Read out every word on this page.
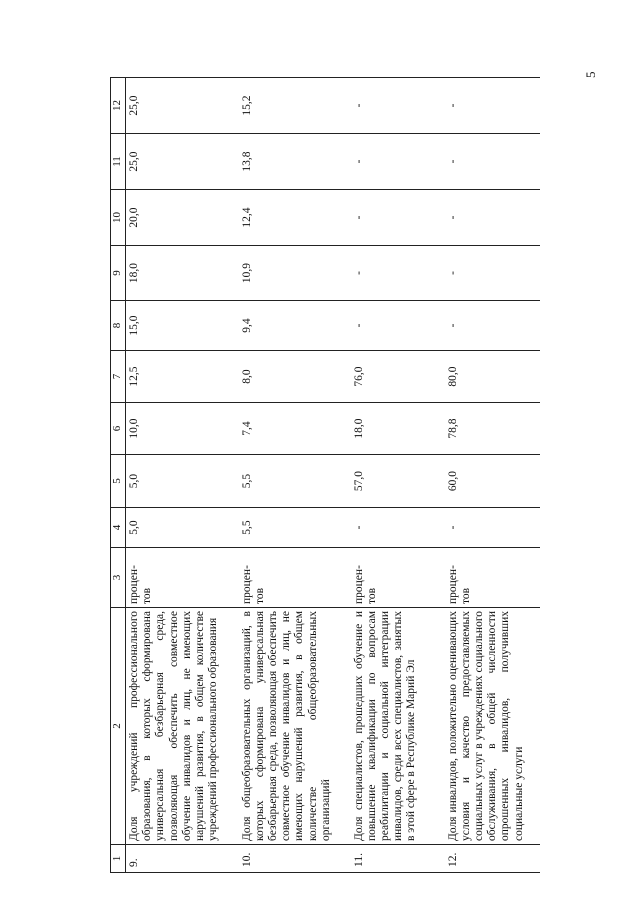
5
1	2	3	4	5	6	7	8	9	10	11	12
9.	Доля учреждений профессионального образования, в которых сформирована универсальная безбарьерная среда, позволяющая обеспечить совместное обучение инвалидов и лиц, не имеющих нарушений развития, в общем количестве учреждений профессионального образования	процен-тов	5,0	5,0	10,0	12,5	15,0	18,0	20,0	25,0	25,0
10.	Доля общеобразовательных организаций, в которых сформирована универсальная безбарьерная среда, позволяющая обеспечить совместное обучение инвалидов и лиц, не имеющих нарушений развития, в общем количестве общеобразовательных организаций	процен-тов	5,5	5,5	7,4	8,0	9,4	10,9	12,4	13,8	15,2
11.	Доля специалистов, прошедших обучение и повышение квалификации по вопросам реабилитации и социальной интеграции инвалидов, среди всех специалистов, занятых в этой сфере в Республике Марий Эл	процен-тов	-	57,0	18,0	76,0	-	-	-	-	-
12.	Доля инвалидов, положительно оценивающих условия и качество предоставляемых социальных услуг в учреждениях социального обслуживания, в общей численности опрошенных инвалидов, получивших социальные услуги	процен-тов	-	60,0	78,8	80,0	-	-	-	-	-
